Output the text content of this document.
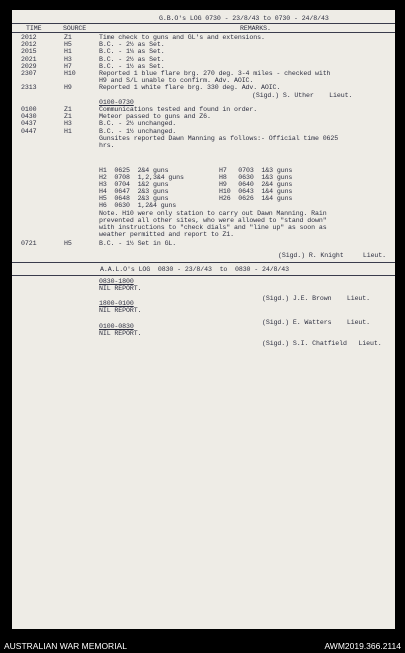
G.B.O's LOG 0730 - 23/8/43 to 0730 - 24/8/43
TIME	SOURCE	REMARKS.
2012	Z1	Time check to guns and GL's and extensions.
2012	H5	B.C. - 2½ as Set.
2015	H1	B.C. - 1¼ as Set.
2021	H3	B.C. - 2½ as Set.
2029	H7	B.C. - 1½ as Set.
2307	H10	Reported 1 blue flare brg. 270 deg. 3-4 miles - checked with
H9 and S/L unable to confirm. Adv. AOIC.
2313	H9	Reported 1 white flare brg. 330 deg. Adv. AOIC.
(Sigd.) S. Uther    Lieut.
0100-0730
0100	Z1	Communications tested and found in order.
0430	Z1	Meteor passed to guns and Z6.
0437	H3	B.C. - 2½ unchanged.
0447	H1	B.C. - 1½ unchanged.
Gunsites reported Dawn Manning as follows:- Official time 0625
hrs.
H1  0625  2&4 guns
H2  0708  1,2,3&4 guns
H3  0704  1&2 guns
H4  0647  2&3 guns
H5  0648  2&3 guns
H6  0630  1,2&4 guns
H7   0703  1&3 guns
H8   0630  1&3 guns
H9   0640  2&4 guns
H10  0643  1&4 guns
H26  0626  1&4 guns
Note. H10 were only station to carry out Dawn Manning. Rain
prevented all other sites, who were allowed to "stand down"
with instructions to "check dials" and "line up" as soon as
weather permitted and report to Z1.
0721	H5	B.C. - 1½ Set in GL.
(Sigd.) R. Knight     Lieut.
A.A.L.O's LOG  0830 - 23/8/43  to  0830 - 24/8/43
0830-1800
NIL REPORT.
(Sigd.) J.E. Brown    Lieut.
1800-0100
NIL REPORT.
(Sigd.) E. Watters    Lieut.
0100-0830
NIL REPORT.
(Sigd.) S.I. Chatfield   Lieut.
AUSTRALIAN WAR MEMORIAL	AWM2019.366.2114
